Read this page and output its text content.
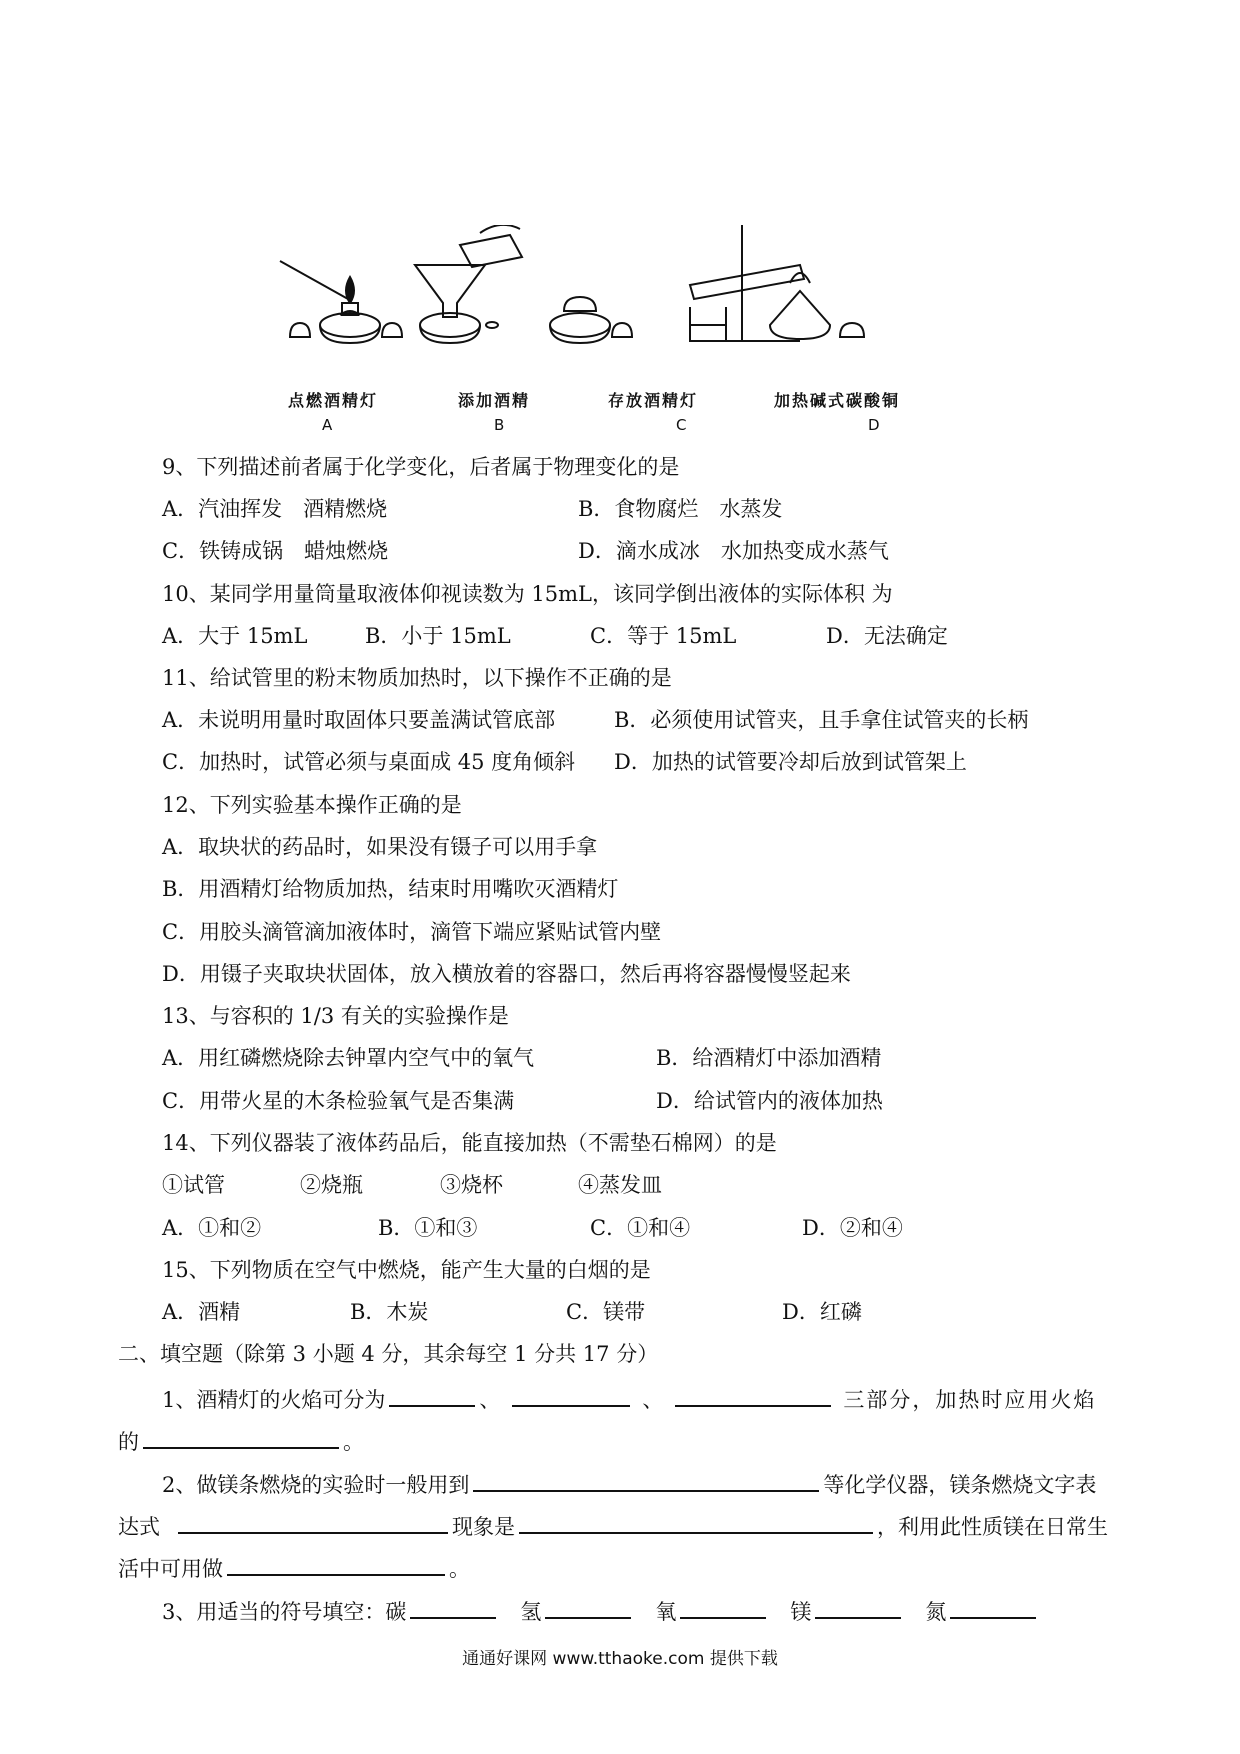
点燃酒精灯	添加酒精	存放酒精灯	加热碱式碳酸铜
A	B	C	D
9、下列描述前者属于化学变化，后者属于物理变化的是
A．汽油挥发　酒精燃烧	B．食物腐烂　水蒸发
C．铁铸成锅　蜡烛燃烧	D．滴水成冰　水加热变成水蒸气
10、某同学用量筒量取液体仰视读数为 15mL，该同学倒出液体的实际体积 为
A．大于 15mL	B．小于 15mL	C．等于 15mL	D．无法确定
11、给试管里的粉末物质加热时，以下操作不正确的是
A．未说明用量时取固体只要盖满试管底部	B．必须使用试管夹，且手拿住试管夹的长柄
C．加热时，试管必须与桌面成 45 度角倾斜 D．加热的试管要冷却后放到试管架上
12、下列实验基本操作正确的是
A．取块状的药品时，如果没有镊子可以用手拿
B．用酒精灯给物质加热，结束时用嘴吹灭酒精灯
C．用胶头滴管滴加液体时，滴管下端应紧贴试管内壁
D．用镊子夹取块状固体，放入横放着的容器口，然后再将容器慢慢竖起来
13、与容积的 1/3 有关的实验操作是
A．用红磷燃烧除去钟罩内空气中的氧气	B．给酒精灯中添加酒精
C．用带火星的木条检验氧气是否集满	D．给试管内的液体加热
14、下列仪器装了液体药品后，能直接加热（不需垫石棉网）的是
①试管	②烧瓶	③烧杯	④蒸发皿
A．①和②	B．①和③	C．①和④	D．②和④
15、下列物质在空气中燃烧，能产生大量的白烟的是
A．酒精	B．木炭	C．镁带	D．红磷
二、填空题（除第 3 小题 4 分，其余每空 1 分共 17 分）
1、酒精灯的火焰可分为	、	、	三部分，加热时应用火焰
的	。
2、做镁条燃烧的实验时一般用到	等化学仪器，镁条燃烧文字表
达式	现象是	，利用此性质镁在日常生
活中可用做	。
3、用适当的符号填空：碳	氢	氧	镁	氮
通通好课网 www.tthaoke.com 提供下载
